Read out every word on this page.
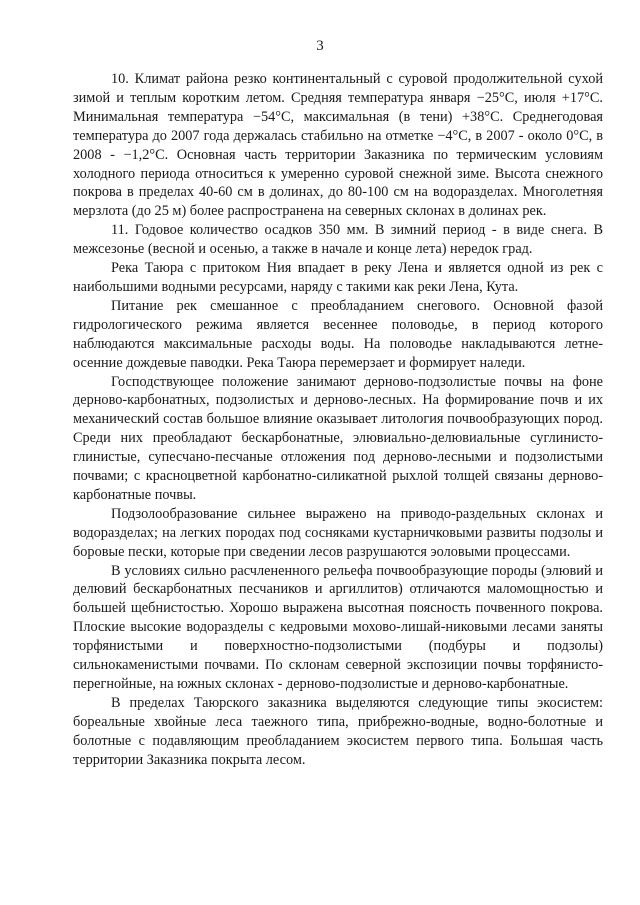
3

10. Климат района резко континентальный с суровой продолжительной сухой зимой и теплым коротким летом. Средняя температура января −25°С, июля +17°С. Минимальная температура −54°С, максимальная (в тени) +38°С. Среднегодовая температура до 2007 года держалась стабильно на отметке −4°С, в 2007 - около 0°С, в 2008 - −1,2°С. Основная часть территории Заказника по термическим условиям холодного периода относиться к умеренно суровой снежной зиме. Высота снежного покрова в пределах 40-60 см в долинах, до 80-100 см на водоразделах. Многолетняя мерзлота (до 25 м) более распространена на северных склонах в долинах рек.

11. Годовое количество осадков 350 мм. В зимний период - в виде снега. В межсезонье (весной и осенью, а также в начале и конце лета) нередок град.

Река Таюра с притоком Ния впадает в реку Лена и является одной из рек с наибольшими водными ресурсами, наряду с такими как реки Лена, Кута.

Питание рек смешанное с преобладанием снегового. Основной фазой гидрологического режима является весеннее половодье, в период которого наблюдаются максимальные расходы воды. На половодье накладываются летне-осенние дождевые паводки. Река Таюра перемерзает и формирует наледи.

Господствующее положение занимают дерново-подзолистые почвы на фоне дерново-карбонатных, подзолистых и дерново-лесных. На формирование почв и их механический состав большое влияние оказывает литология почвообразующих пород. Среди них преобладают бескарбонатные, элювиально-делювиальные суглинисто-глинистые, супесчано-песчаные отложения под дерново-лесными и подзолистыми почвами; с красноцветной карбонатно-силикатной рыхлой толщей связаны дерново-карбонатные почвы.

Подзолообразование сильнее выражено на приводо-раздельных склонах и водоразделах; на легких породах под сосняками кустарничковыми развиты подзолы и боровые пески, которые при сведении лесов разрушаются эоловыми процессами.

В условиях сильно расчлененного рельефа почвообразующие породы (элювий и делювий бескарбонатных песчаников и аргиллитов) отличаются маломощностью и большей щебнистостью. Хорошо выражена высотная поясность почвенного покрова. Плоские высокие водоразделы с кедровыми моховo-лишай-никовыми лесами заняты торфянистыми и поверхностно-подзолистыми (подбуры и подзолы) сильнокаменистыми почвами. По склонам северной экспозиции почвы торфянисто-перегнойные, на южных склонах - дерново-подзолистые и дерново-карбонатные.

В пределах Таюрского заказника выделяются следующие типы экосистем: бореальные хвойные леса таежного типа, прибрежно-водные, водно-болотные и болотные с подавляющим преобладанием экосистем первого типа. Большая часть территории Заказника покрыта лесом.
